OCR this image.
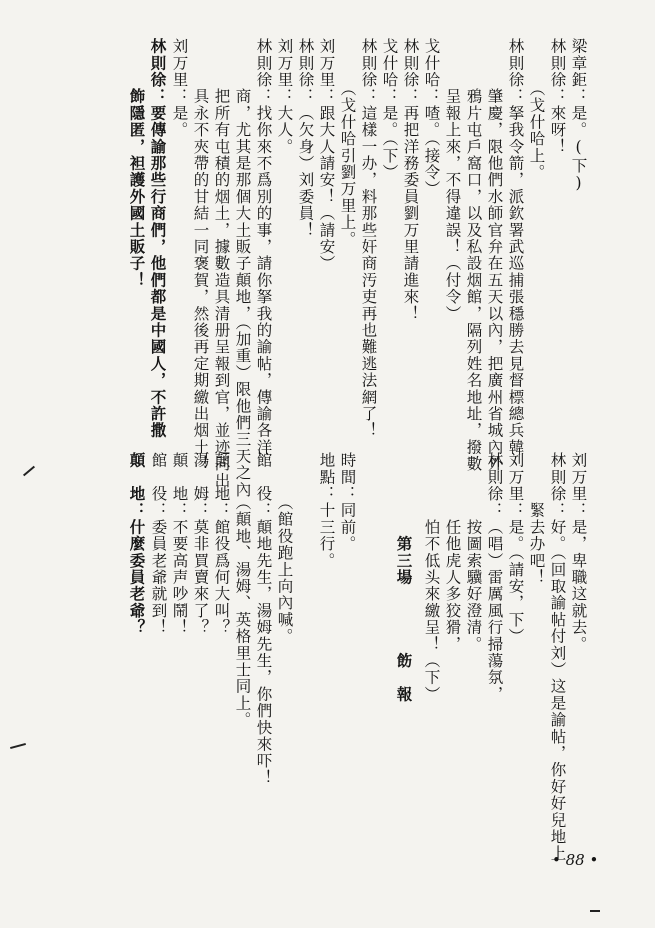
梁章鉅：是。(下)
林則徐：來呀！
　　　（戈什哈上。
林則徐：拏我令箭，派欽署武巡捕張穩勝去見督標總兵韓
　　　肇慶，限他們水師官弁在五天以內，把廣州省城內外
　　　鴉片屯戶窩口，以及私設烟館，隔列姓名地址，撥數
　　　呈報上來，不得違誤！（付令）
戈什哈：喳。（接令）
林則徐：再把洋務委員劉万里請進來！
戈什哈：是。（下）
林則徐：這樣一办，料那些奸商汚吏再也難逃法網了！
　　　（戈什哈引劉万里上。
刘万里：跟大人請安！（請安）
林則徐：（欠身）刘委員！
刘万里：大人。
林則徐：找你來不爲別的事，請你拏我的諭帖，傳諭各洋
　　　商，尤其是那個大土販子顛地，（加重）限他們三天之內
　　　把所有屯積的烟土，據數造具清册呈報到官，並迹同出
　　　具永不夾帶的甘結一同褒賀，然後再定期繳出烟土！
刘万里：是。
林則徐：要傳諭那些行商們，他們都是中國人，不許撒
　　　飾隱匿，袒護外國土販子！
刘万里：是，卑職这就去。
林則徐：好。（回取諭帖付刘）这是諭帖，你好好兒地上
　　　緊去办吧！
刘万里：是。（請安，下）
林則徐：（唱）雷厲風行掃蕩氛，
　　　　按圖索驥好澄清。
　　　　任他虎人多狡猾，
　　　　怕不低头來繳呈！（下）
　　　　　第三場　　　　飭　報
時間：同前。
地點：十三行。
　　　（館役跑上向內喊。
館　役：顛地先生，湯姆先生，你們快來吓！
　　　（顛地、湯姆、英格里士同上。
顛　地：館役爲何大叫？
湯　姆：莫非買賣來了？
顛　地：不要高声吵鬧！
館　役：委員老爺就到！
顛　地：什麼委員老爺？
• 88 •
